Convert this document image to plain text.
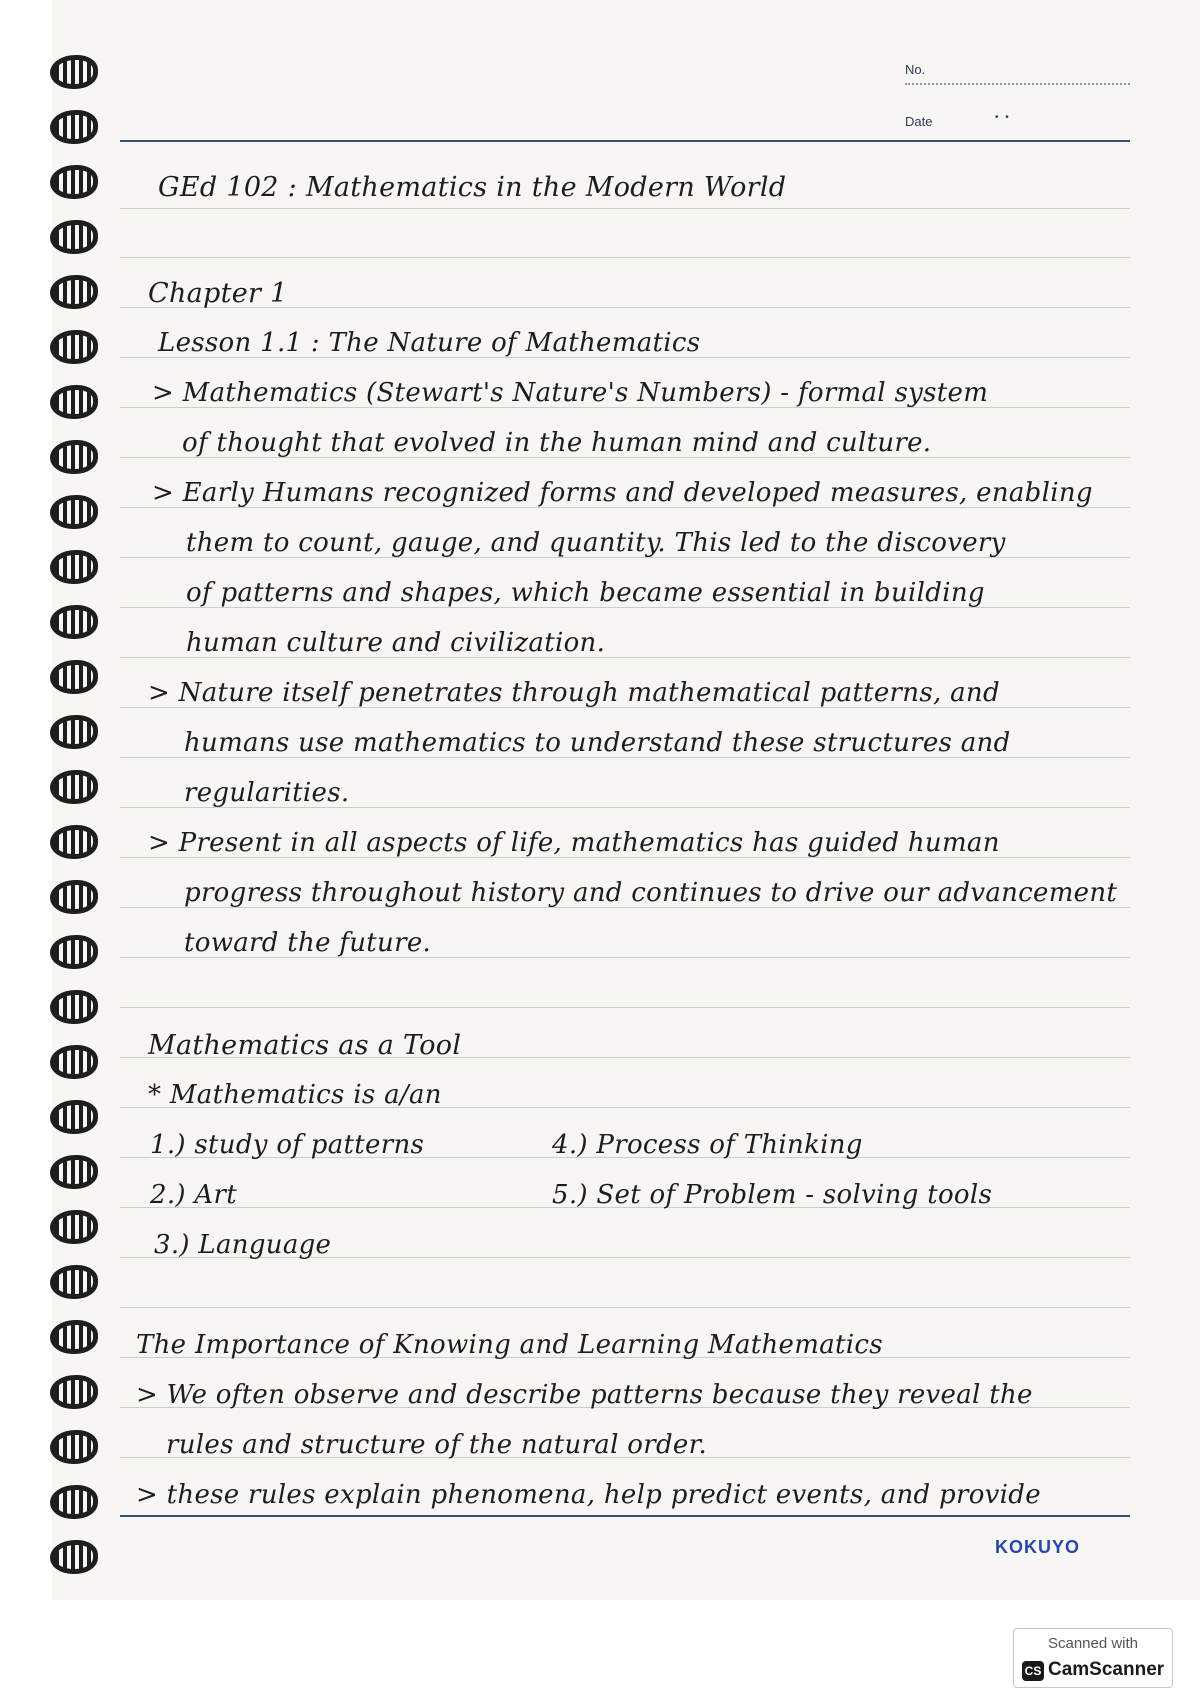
No.
Date	• •
GEd 102 : Mathematics in the Modern World
Chapter 1
Lesson 1.1 : The Nature of Mathematics
> Mathematics (Stewart's Nature's Numbers) - formal system
of thought that evolved in the human mind and culture.
> Early Humans recognized forms and developed measures, enabling
them to count, gauge, and quantity. This led to the discovery
of patterns and shapes, which became essential in building
human culture and civilization.
> Nature itself penetrates through mathematical patterns, and
humans use mathematics to understand these structures and
regularities.
> Present in all aspects of life, mathematics has guided human
progress throughout history and continues to drive our advancement
toward the future.
Mathematics as a Tool
* Mathematics is a/an
1.) study of patterns
2.) Art
3.) Language
4.) Process of Thinking
5.) Set of Problem - solving tools
The Importance of Knowing and Learning Mathematics
> We often observe and describe patterns because they reveal the
rules and structure of the natural order.
> these rules explain phenomena, help predict events, and provide
KOKUYO
Scanned with
CS CamScanner
